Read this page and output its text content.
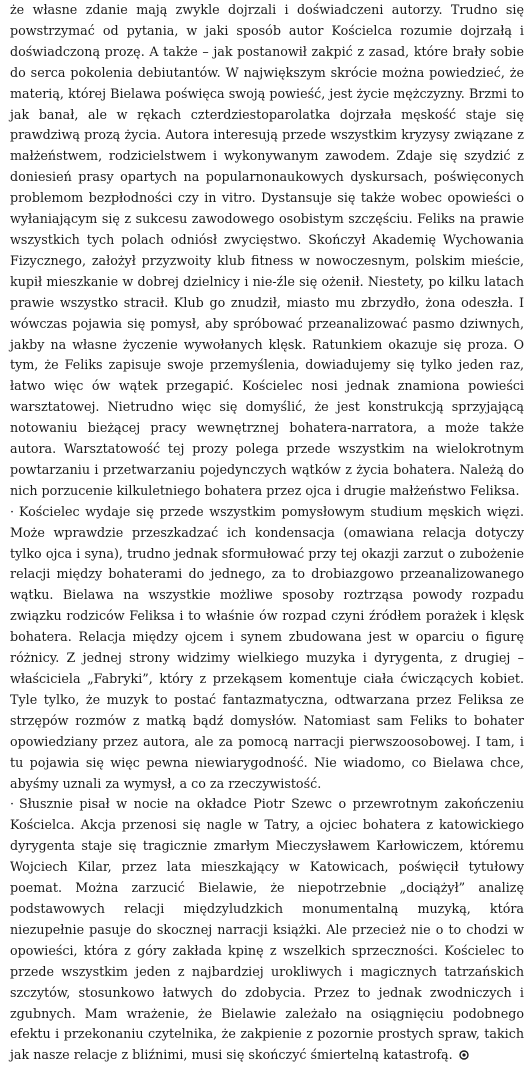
że własne zdanie mają zwykle dojrzali i doświadczeni autorzy. Trudno się powstrzymać od pytania, w jaki sposób autor Kościelca rozumie dojrzałą i doświadczoną prozę. A także – jak postanowił zakpić z zasad, które brały sobie do serca pokolenia debiutantów. W największym skrócie można powiedzieć, że materią, której Bielawa poświęca swoją powieść, jest życie mężczyzny. Brzmi to jak banał, ale w rękach czterdziestoparolatka dojrzała męskość staje się prawdziwą prozą życia. Autora interesują przede wszystkim kryzysy związane z małżeństwem, rodzicielstwem i wykonywanym zawodem. Zdaje się szydzić z doniesień prasy opartych na popularnonaukowych dyskursach, poświęconych problemom bezpłodności czy in vitro. Dystansuje się także wobec opowieści o wyłaniającym się z sukcesu zawodowego osobistym szczęściu. Feliks na prawie wszystkich tych polach odniósł zwycięstwo. Skończył Akademię Wychowania Fizycznego, założył przyzwoity klub fitness w nowoczesnym, polskim mieście, kupił mieszkanie w dobrej dzielnicy i nie-źle się ożenił. Niestety, po kilku latach prawie wszystko stracił. Klub go znudził, miasto mu zbrzydło, żona odeszła. I wówczas pojawia się pomysł, aby spróbować przeanalizować pasmo dziwnych, jakby na własne życzenie wywołanych klęsk. Ratunkiem okazuje się proza. O tym, że Feliks zapisuje swoje przemyślenia, dowiadujemy się tylko jeden raz, łatwo więc ów wątek przegapić. Kościelec nosi jednak znamiona powieści warsztatowej. Nietrudno więc się domyślić, że jest konstrukcją sprzyjającą notowaniu bieżącej pracy wewnętrznej bohatera-narratora, a może także autora. Warsztatowość tej prozy polega przede wszystkim na wielokrotnym powtarzaniu i przetwarzaniu pojedynczych wątków z życia bohatera. Należą do nich porzucenie kilkuletniego bohatera przez ojca i drugie małżeństwo Feliksa.

· Kościelec wydaje się przede wszystkim pomysłowym studium męskich więzi. Może wprawdzie przeszkadzać ich kondensacja (omawiana relacja dotyczy tylko ojca i syna), trudno jednak sformułować przy tej okazji zarzut o zubożenie relacji między bohaterami do jednego, za to drobiazgowo przeanalizowanego wątku. Bielawa na wszystkie możliwe sposoby roztrząsa powody rozpadu związku rodziców Feliksa i to właśnie ów rozpad czyni źródłem porażek i klęsk bohatera. Relacja między ojcem i synem zbudowana jest w oparciu o figurę różnicy. Z jednej strony widzimy wielkiego muzyka i dyrygenta, z drugiej – właściciela „Fabryki”, który z przekąsem komentuje ciała ćwiczących kobiet. Tyle tylko, że muzyk to postać fantazmatyczna, odtwarzana przez Feliksa ze strzępów rozmów z matką bądź domysłów. Natomiast sam Feliks to bohater opowiedziany przez autora, ale za pomocą narracji pierwszoosobowej. I tam, i tu pojawia się więc pewna niewiarygodność. Nie wiadomo, co Bielawa chce, abyśmy uznali za wymysł, a co za rzeczywistość.

· Słusznie pisał w nocie na okładce Piotr Szewc o przewrotnym zakończeniu Kościelca. Akcja przenosi się nagle w Tatry, a ojciec bohatera z katowickiego dyrygenta staje się tragicznie zmarłym Mieczysławem Karłowiczem, któremu Wojciech Kilar, przez lata mieszkający w Katowicach, poświęcił tytułowy poemat. Można zarzucić Bielawie, że niepotrzebnie „dociążył” analizę podstawowych relacji międzyludzkich monumentalną muzyką, która niezupełnie pasuje do skocznej narracji książki. Ale przecież nie o to chodzi w opowieści, która z góry zakłada kpinę z wszelkich sprzeczności. Kościelec to przede wszystkim jeden z najbardziej urokliwych i magicznych tatrzańskich szczytów, stosunkowo łatwych do zdobycia. Przez to jednak zwodniczych i zgubnych. Mam wrażenie, że Bielawie zależało na osiągnięciu podobnego efektu i przekonaniu czytelnika, że zakpienie z pozornie prostych spraw, takich jak nasze relacje z bliźnimi, musi się skończyć śmiertelną katastrofą.
